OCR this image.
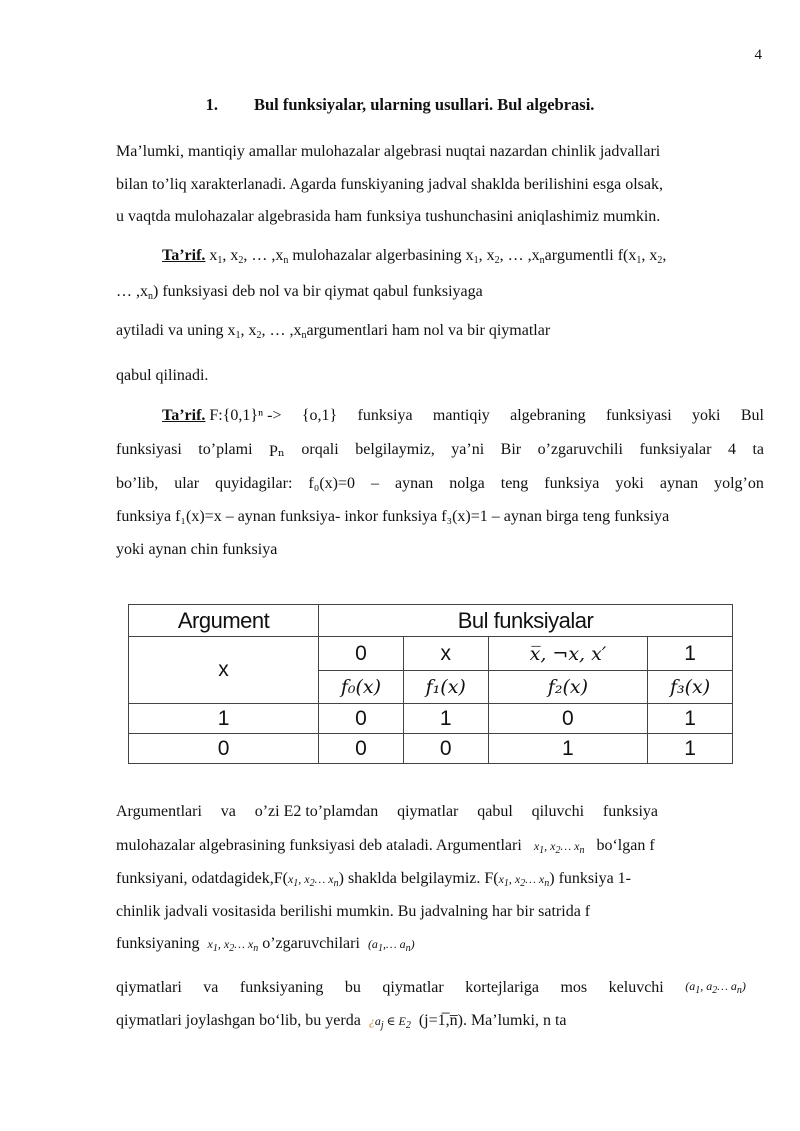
4
1. Bul funksiyalar, ularning usullari. Bul algebrasi.
Ma’lumki, mantiqiy amallar mulohazalar algebrasi nuqtai nazardan chinlik jadvallari
bilan to’liq xarakterlanadi. Agarda funskiyaning jadval shaklda berilishini esga olsak,
u vaqtda mulohazalar algebrasida ham funksiya tushunchasini aniqlashimiz mumkin.
Ta’rif. $x_1$, $x_2$, … $,x_n$ mulohazalar algerbasining $x_1$, $x_2$, … $,x_nargumentli$ $f(x_1$, $x_2$,
… $,x_n$) funksiyasi deb nol va bir qiymat qabul funksiyaga
aytiladi va uning $x_1$, $x_2$, … $,x_nargumentlari$ ham nol va bir qiymatlar
qabul qilinadi.
Ta’rif. F:{0,1}ⁿ -> {o,1} funksiya mantiqiy algebraning funksiyasi yoki Bul
funksiyasi to’plami Pₙ orqali belgilaymiz, ya’ni Bir o’zgaruvchili funksiyalar 4 ta
bo’lib, ular quyidagilar: f₀(x)=0 – aynan nolga teng funksiya yoki aynan yolg’on
funksiya f₁(x)=x – aynan funksiya- inkor funksiya f₃(x)=1 – aynan birga teng funksiya
yoki aynan chin funksiya
Argument	Bul funksiyalar			
x	0	x	x̅, ¬x, x′	1
	f₀(x)	f₁(x)	f₂(x)	f₃(x)
1	0	1	0	1
0	0	0	1	1
Argumentlari va o’zi E2 to’plamdan qiymatlar qabul qiluvchi funksiya
mulohazalar algebrasining funksiyasi deb ataladi. Argumentlari $x_1$, $x_2\dots$ $x_n$ bo‘lgan f
funksiyani, $odatdagidek,F(x_1$, $x_2\dots$ $x_n$) shaklda belgilaymiz. $F(x_1$, $x_2\dots$ $x_n$) funksiya 1-
chinlik jadvali vositasida berilishi mumkin. Bu jadvalning har bir satrida f
funksiyaning $x_1$, $x_2\dots$ $x_n$ o’zgaruvchilari ($a_1,\dots$ $a_n$)
qiymatlari va funksiyaning bu qiymatlar kortejlariga mos keluvchi ($a_1$, $a_2\dots$ $a_n$)
qiymatlari joylashgan bo‘lib, bu yerda ¿$a_j$ ∈ $E_2$ (j=1̅,n̅). Ma’lumki, n ta
